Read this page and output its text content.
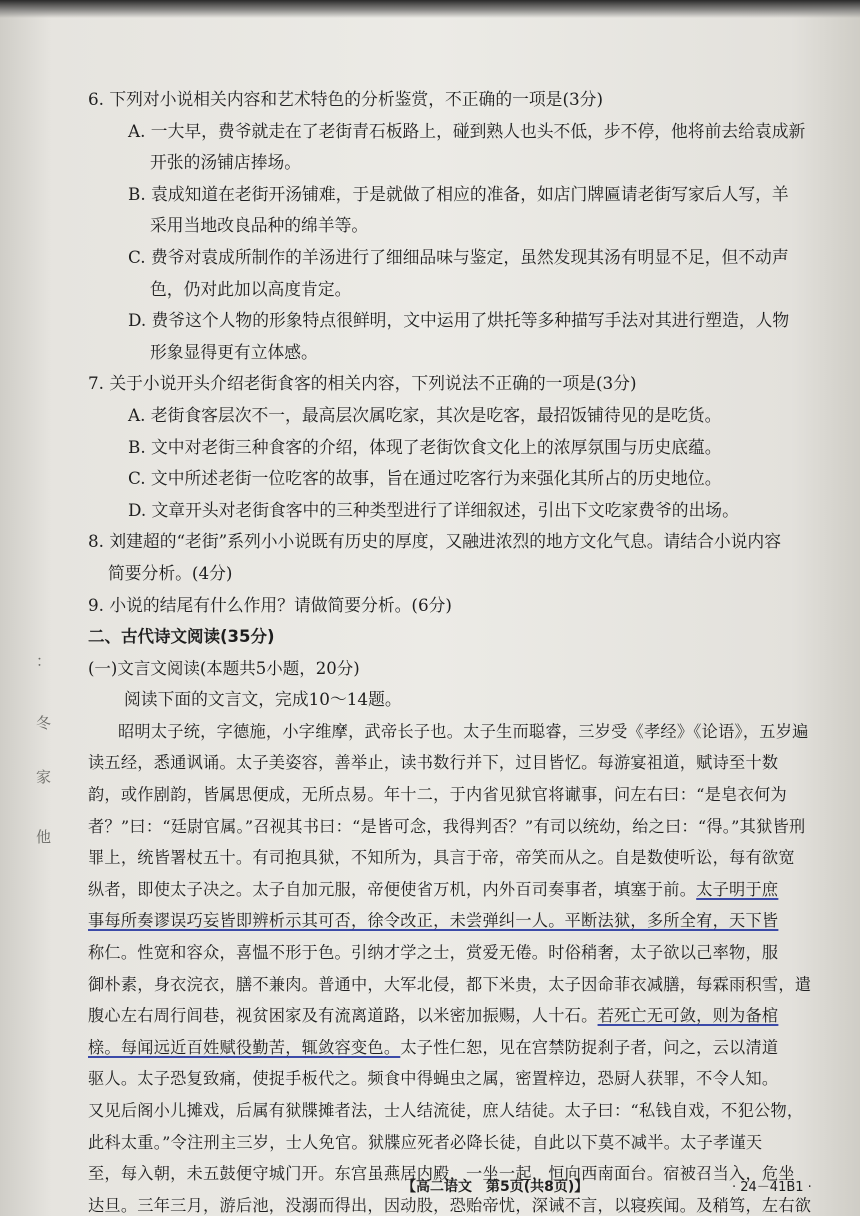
：
冬
家
他
6. 下列对小说相关内容和艺术特色的分析鉴赏，不正确的一项是(3分)
A. 一大早，费爷就走在了老街青石板路上，碰到熟人也头不低，步不停，他将前去给袁成新
开张的汤铺店捧场。
B. 袁成知道在老街开汤铺难，于是就做了相应的准备，如店门牌匾请老街写家后人写，羊
采用当地改良品种的绵羊等。
C. 费爷对袁成所制作的羊汤进行了细细品味与鉴定，虽然发现其汤有明显不足，但不动声
色，仍对此加以高度肯定。
D. 费爷这个人物的形象特点很鲜明，文中运用了烘托等多种描写手法对其进行塑造，人物
形象显得更有立体感。
7. 关于小说开头介绍老街食客的相关内容，下列说法不正确的一项是(3分)
A. 老街食客层次不一，最高层次属吃家，其次是吃客，最招饭铺待见的是吃货。
B. 文中对老街三种食客的介绍，体现了老街饮食文化上的浓厚氛围与历史底蕴。
C. 文中所述老街一位吃客的故事，旨在通过吃客行为来强化其所占的历史地位。
D. 文章开头对老街食客中的三种类型进行了详细叙述，引出下文吃家费爷的出场。
8. 刘建超的“老街”系列小小说既有历史的厚度，又融进浓烈的地方文化气息。请结合小说内容
简要分析。(4分)
9. 小说的结尾有什么作用？请做简要分析。(6分)
二、古代诗文阅读(35分)
(一)文言文阅读(本题共5小题，20分)
阅读下面的文言文，完成10～14题。
昭明太子统，字德施，小字维摩，武帝长子也。太子生而聪睿，三岁受《孝经》《论语》，五岁遍
读五经，悉通讽诵。太子美姿容，善举止，读书数行并下，过目皆忆。每游宴祖道，赋诗至十数
韵，或作剧韵，皆属思便成，无所点易。年十二，于内省见狱官将谳事，问左右曰：“是皂衣何为
者？”曰：“廷尉官属。”召视其书曰：“是皆可念，我得判否？”有司以统幼，绐之曰：“得。”其狱皆刑
罪上，统皆署杖五十。有司抱具狱，不知所为，具言于帝，帝笑而从之。自是数使听讼，每有欲宽
纵者，即使太子决之。太子自加元服，帝便使省万机，内外百司奏事者，填塞于前。太子明于庶
事每所奏谬误巧妄皆即辨析示其可否，徐令改正，未尝弹纠一人。平断法狱，多所全宥，天下皆
称仁。性宽和容众，喜愠不形于色。引纳才学之士，赏爱无倦。时俗稍奢，太子欲以己率物，服
御朴素，身衣浣衣，膳不兼肉。普通中，大军北侵，都下米贵，太子因命菲衣减膳，每霖雨积雪，遣
腹心左右周行闾巷，视贫困家及有流离道路，以米密加振赐，人十石。若死亡无可敛，则为备棺
榇。每闻远近百姓赋役勤苦，辄敛容变色。太子性仁恕，见在宫禁防捉刹子者，问之，云以清道
驱人。太子恐复致痛，使捉手板代之。频食中得蝇虫之属，密置梓边，恐厨人获罪，不令人知。
又见后阁小儿摊戏，后属有狱牒摊者法，士人结流徒，庶人结徒。太子曰：“私钱自戏，不犯公物，
此科太重。”令注刑主三岁，士人免官。狱牒应死者必降长徒，自此以下莫不减半。太子孝谨天
至，每入朝，未五鼓便守城门开。东宫虽燕居内殿，一坐一起，恒向西南面台。宿被召当入，危坐
达旦。三年三月，游后池，没溺而得出，因动股，恐贻帝忧，深诫不言，以寝疾闻。及稍笃，左右欲
【高二语文　第5页(共8页)】	· 24－41B1 ·
